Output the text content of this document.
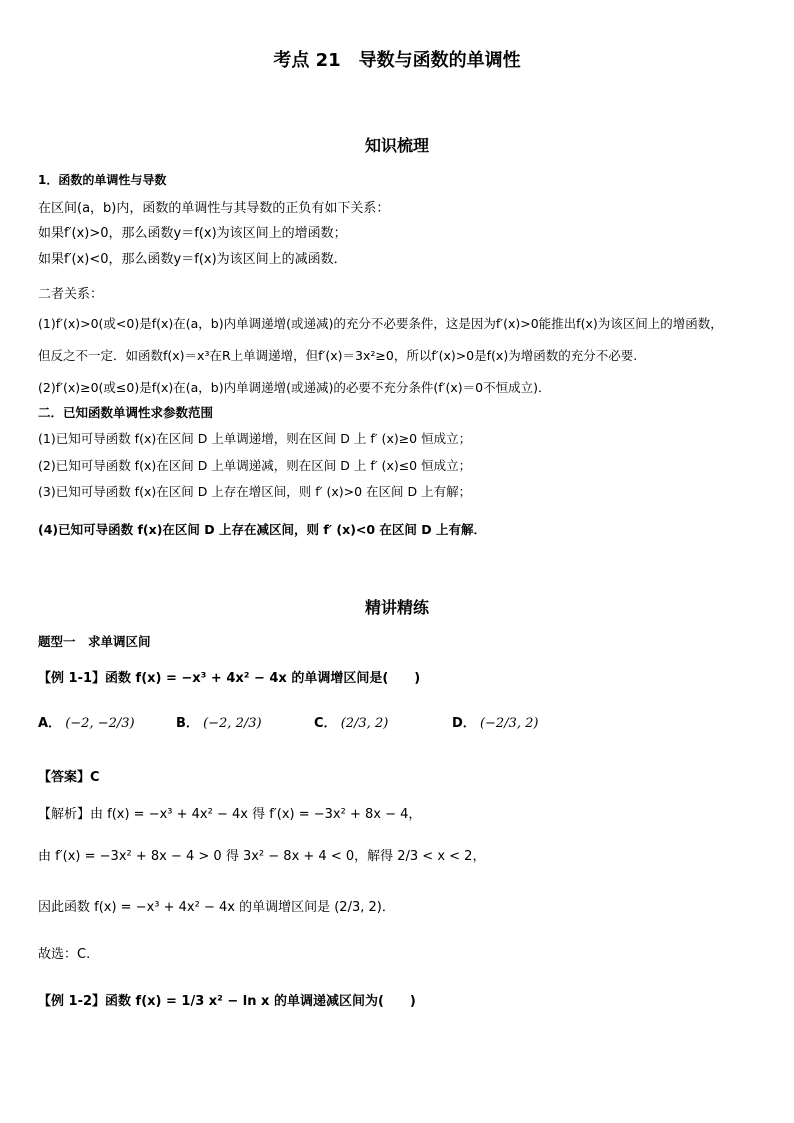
考点 21　导数与函数的单调性
知识梳理
1．函数的单调性与导数
在区间(a，b)内，函数的单调性与其导数的正负有如下关系：
如果f′(x)>0，那么函数y＝f(x)为该区间上的增函数；
如果f′(x)<0，那么函数y＝f(x)为该区间上的减函数．
二者关系：
(1)f′(x)>0(或<0)是f(x)在(a，b)内单调递增(或递减)的充分不必要条件，这是因为f′(x)>0能推出f(x)为该区间上的增函数，
但反之不一定．如函数f(x)＝x³在R上单调递增，但f′(x)＝3x²≥0，所以f′(x)>0是f(x)为增函数的充分不必要.
(2)f′(x)≥0(或≤0)是f(x)在(a，b)内单调递增(或递减)的必要不充分条件(f′(x)＝0不恒成立)．
二．已知函数单调性求参数范围
(1)已知可导函数 f(x)在区间 D 上单调递增，则在区间 D 上 f′ (x)≥0 恒成立；
(2)已知可导函数 f(x)在区间 D 上单调递减，则在区间 D 上 f′ (x)≤0 恒成立；
(3)已知可导函数 f(x)在区间 D 上存在增区间，则 f′ (x)>0 在区间 D 上有解；
(4)已知可导函数 f(x)在区间 D 上存在减区间，则 f′ (x)<0 在区间 D 上有解．
精讲精练
题型一　求单调区间
【例 1-1】函数 f(x) = −x³ + 4x² − 4x 的单调增区间是(　　)
A． (−2, −2/3)	B． (−2, 2/3)	C． (2/3, 2)	D． (−2/3, 2)
【答案】C
【解析】由 f(x) = −x³ + 4x² − 4x 得 f′(x) = −3x² + 8x − 4，
由 f′(x) = −3x² + 8x − 4 > 0 得 3x² − 8x + 4 < 0，解得 2/3 < x < 2，
因此函数 f(x) = −x³ + 4x² − 4x 的单调增区间是 (2/3, 2)．
故选：C.
【例 1-2】函数 f(x) = 1/3 x² − ln x 的单调递减区间为(　　)
